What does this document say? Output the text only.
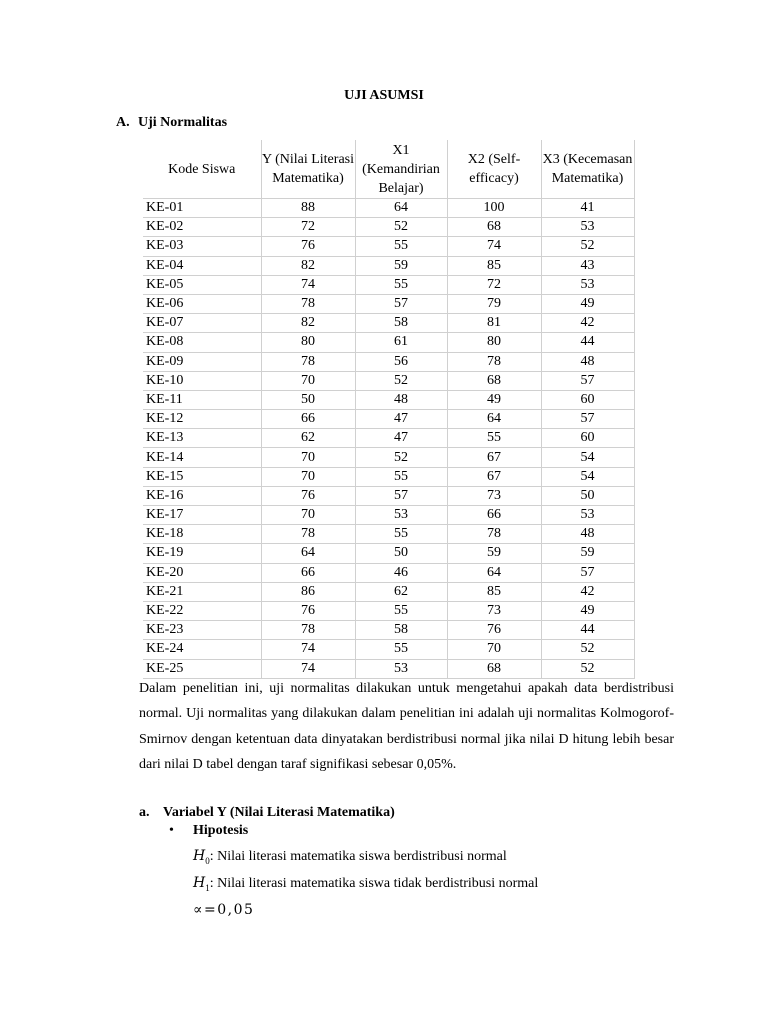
UJI ASUMSI
A. Uji Normalitas
Kode Siswa	Y (Nilai Literasi Matematika)	X1 (Kemandirian Belajar)	X2 (Self-efficacy)	X3 (Kecemasan Matematika)
KE-01	88	64	100	41
KE-02	72	52	68	53
KE-03	76	55	74	52
KE-04	82	59	85	43
KE-05	74	55	72	53
KE-06	78	57	79	49
KE-07	82	58	81	42
KE-08	80	61	80	44
KE-09	78	56	78	48
KE-10	70	52	68	57
KE-11	50	48	49	60
KE-12	66	47	64	57
KE-13	62	47	55	60
KE-14	70	52	67	54
KE-15	70	55	67	54
KE-16	76	57	73	50
KE-17	70	53	66	53
KE-18	78	55	78	48
KE-19	64	50	59	59
KE-20	66	46	64	57
KE-21	86	62	85	42
KE-22	76	55	73	49
KE-23	78	58	76	44
KE-24	74	55	70	52
KE-25	74	53	68	52
Dalam penelitian ini, uji normalitas dilakukan untuk mengetahui apakah data berdistribusi normal. Uji normalitas yang dilakukan dalam penelitian ini adalah uji normalitas Kolmogorof-Smirnov dengan ketentuan data dinyatakan berdistribusi normal jika nilai D hitung lebih besar dari nilai D tabel dengan taraf signifikasi sebesar 0,05%.
a. Variabel Y (Nilai Literasi Matematika)
• Hipotesis
$H_0$: Nilai literasi matematika siswa berdistribusi normal
$H_1$: Nilai literasi matematika siswa tidak berdistribusi normal
∝=0,05
